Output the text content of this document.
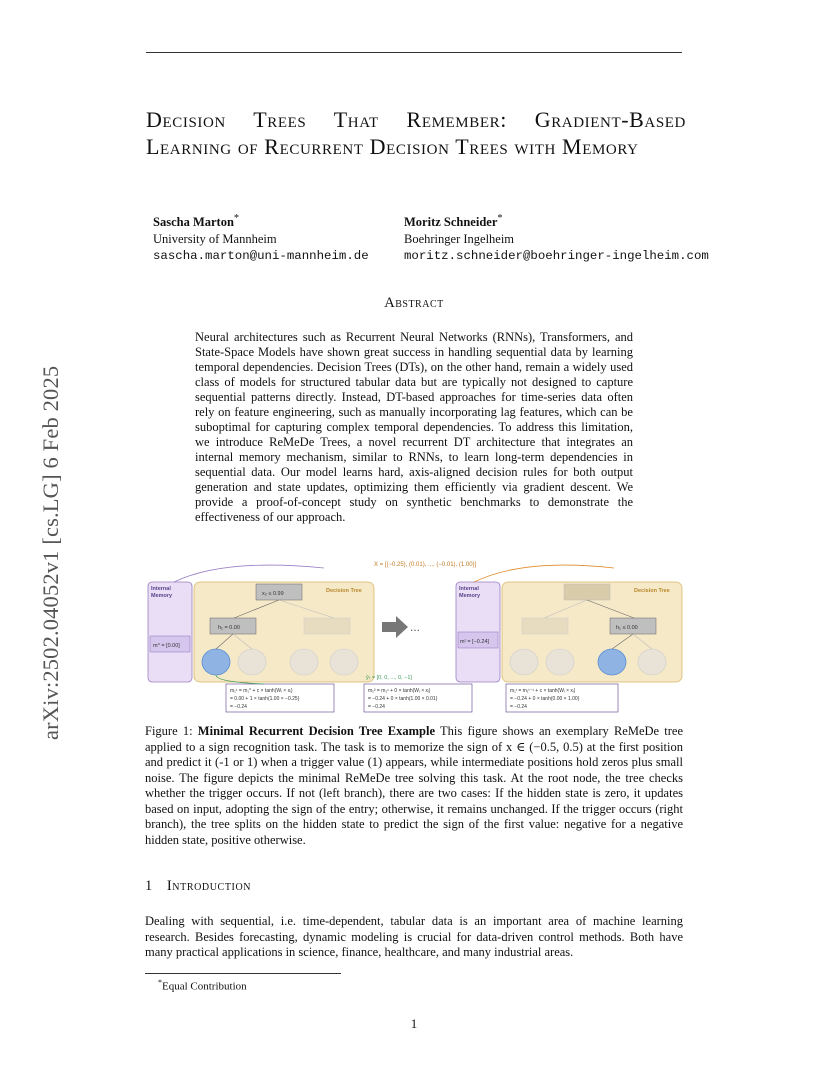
arXiv:2502.04052v1 [cs.LG] 6 Feb 2025
Decision Trees That Remember: Gradient-Based Learning of Recurrent Decision Trees with Memory
Sascha Marton*
University of Mannheim
sascha.marton@uni-mannheim.de
Moritz Schneider*
Boehringer Ingelheim
moritz.schneider@boehringer-ingelheim.com
Abstract
Neural architectures such as Recurrent Neural Networks (RNNs), Transformers, and State-Space Models have shown great success in handling sequential data by learning temporal dependencies. Decision Trees (DTs), on the other hand, remain a widely used class of models for structured tabular data but are typically not designed to capture sequential patterns directly. Instead, DT-based approaches for time-series data often rely on feature engineering, such as manually incorporating lag features, which can be suboptimal for capturing complex temporal dependencies. To address this limitation, we introduce ReMeDe Trees, a novel recurrent DT architecture that integrates an internal memory mechanism, similar to RNNs, to learn long-term dependencies in sequential data. Our model learns hard, axis-aligned decision rules for both output generation and state updates, optimizing them efficiently via gradient descent. We provide a proof-of-concept study on synthetic benchmarks to demonstrate the effectiveness of our approach.
X = [(−0.25), (0.01), ..., (−0.01), (1.00)]
Internal
Memory
m⁰ = [0.00]
Decision Tree
x₂ ≤ 0.99
h₁ = 0.00	...
Internal
Memory
mᵗ = [−0.24]
Decision Tree
h₁ ≤ 0.00
ŷₜ = [0, 0, ..., 0, −1]
m₁¹ = m₁⁰ + c × tanh(Wᵢ × xᵢ)
= 0.00 + 1 × tanh(1.00 × −0.25)
= −0.24
m₁² = m₁¹ + 0 × tanh(Wᵢ × xᵢ)
= −0.24 + 0 × tanh(1.00 × 0.01)
= −0.24
m₁ᵗ = m₁ᵗ⁻¹ + c × tanh(Wᵢ × xᵢ)
= −0.24 + 0 × tanh(0.00 × 1.00)
= −0.24
Figure 1: Minimal Recurrent Decision Tree Example This figure shows an exemplary ReMeDe tree applied to a sign recognition task. The task is to memorize the sign of x ∈ (−0.5, 0.5) at the first position and predict it (-1 or 1) when a trigger value (1) appears, while intermediate positions hold zeros plus small noise. The figure depicts the minimal ReMeDe tree solving this task. At the root node, the tree checks whether the trigger occurs. If not (left branch), there are two cases: If the hidden state is zero, it updates based on input, adopting the sign of the entry; otherwise, it remains unchanged. If the trigger occurs (right branch), the tree splits on the hidden state to predict the sign of the first value: negative for a negative hidden state, positive otherwise.
1 Introduction
Dealing with sequential, i.e. time-dependent, tabular data is an important area of machine learning research. Besides forecasting, dynamic modeling is crucial for data-driven control methods. Both have many practical applications in science, finance, healthcare, and many industrial areas.
*Equal Contribution
1
